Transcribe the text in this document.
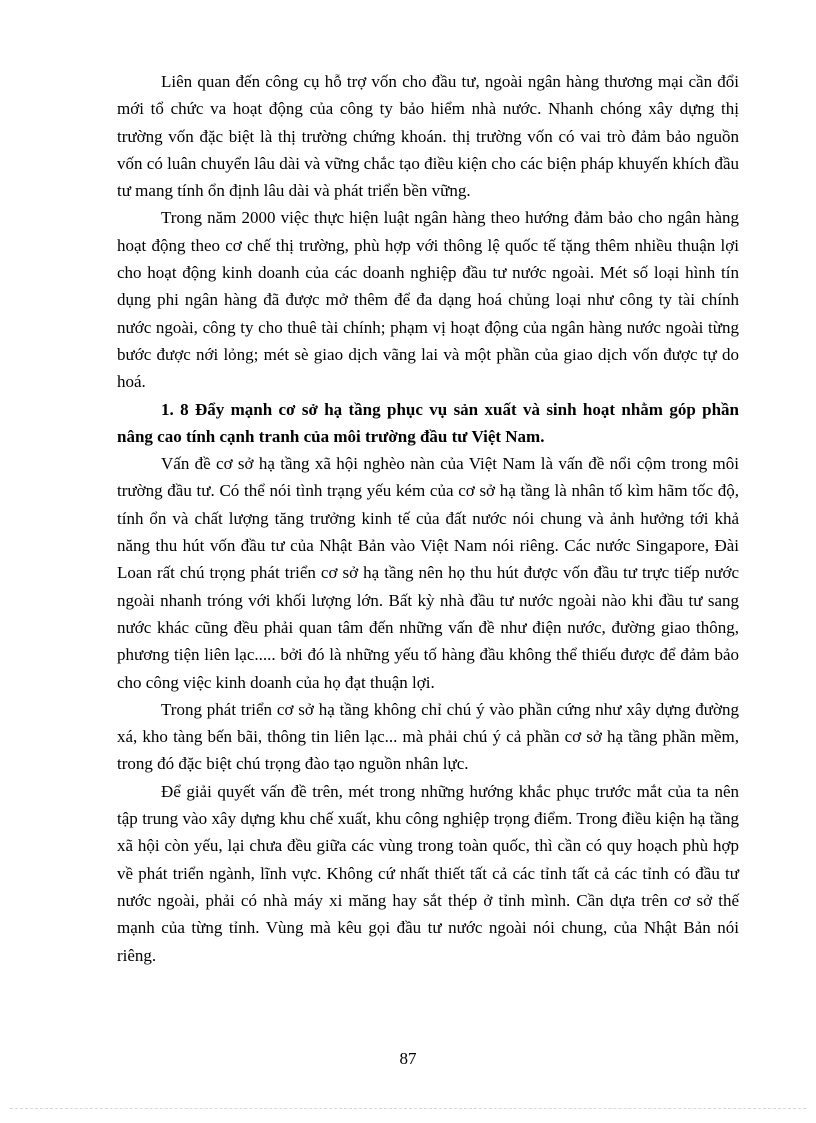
Liên quan đến công cụ hỗ trợ vốn cho đầu tư, ngoài ngân hàng thương mại cần đổi mới tổ chức va hoạt động của công ty bảo hiểm nhà nước. Nhanh chóng xây dựng thị trường vốn đặc biệt là thị trường chứng khoán. thị trường vốn có vai trò đảm bảo nguồn vốn có luân chuyển lâu dài và vững chắc tạo điều kiện cho các biện pháp khuyến khích đầu tư mang tính ổn định lâu dài và phát triển bền vững.

Trong năm 2000 việc thực hiện luật ngân hàng theo hướng đảm bảo cho ngân hàng hoạt động theo cơ chế thị trường, phù hợp với thông lệ quốc tế tặng thêm nhiều thuận lợi cho hoạt động kinh doanh của các doanh nghiệp đầu tư nước ngoài. Mét số loại hình tín dụng phi ngân hàng đã được mở thêm để đa dạng hoá chủng loại như công ty tài chính nước ngoài, công ty cho thuê tài chính; phạm vị hoạt động của ngân hàng nước ngoài từng bước được nới lỏng; mét sè giao dịch vãng lai và một phần của giao dịch vốn được tự do hoá.

1. 8 Đẩy mạnh cơ sở hạ tầng phục vụ sản xuất và sinh hoạt nhằm góp phần nâng cao tính cạnh tranh của môi trường đầu tư Việt Nam.

Vấn đề cơ sở hạ tầng xã hội nghèo nàn của Việt Nam là vấn đề nổi cộm trong môi trường đầu tư. Có thể nói tình trạng yếu kém của cơ sở hạ tầng là nhân tố kìm hãm tốc độ, tính ổn và chất lượng tăng trưởng kinh tế của đất nước nói chung và ảnh hưởng tới khả năng thu hút vốn đầu tư của Nhật Bản vào Việt Nam nói riêng. Các nước Singapore, Đài Loan rất chú trọng phát triển cơ sở hạ tầng nên họ thu hút được vốn đầu tư trực tiếp nước ngoài nhanh tróng với khối lượng lớn. Bất kỳ nhà đầu tư nước ngoài nào khi đầu tư sang nước khác cũng đều phải quan tâm đến những vấn đề như điện nước, đường giao thông, phương tiện liên lạc..... bởi đó là những yếu tố hàng đầu không thể thiếu được để đảm bảo cho công việc kinh doanh của họ đạt thuận lợi.

Trong phát triển cơ sở hạ tầng không chỉ chú ý vào phần cứng như xây dựng đường xá, kho tàng bến bãi, thông tin liên lạc... mà phải chú ý cả phần cơ sở hạ tầng phần mềm, trong đó đặc biệt chú trọng đào tạo nguồn nhân lực.

Để giải quyết vấn đề trên, mét trong những hướng khắc phục trước mắt của ta nên tập trung vào xây dựng khu chế xuất, khu công nghiệp trọng điểm. Trong điều kiện hạ tầng xã hội còn yếu, lại chưa đều giữa các vùng trong toàn quốc, thì cần có quy hoạch phù hợp về phát triển ngành, lĩnh vực. Không cứ nhất thiết tất cả các tỉnh tất cả các tỉnh có đầu tư nước ngoài, phải có nhà máy xi măng hay sắt thép ở tỉnh mình. Cần dựa trên cơ sở thế mạnh của từng tỉnh. Vùng mà kêu gọi đầu tư nước ngoài nói chung, của Nhật Bản nói riêng.

87
